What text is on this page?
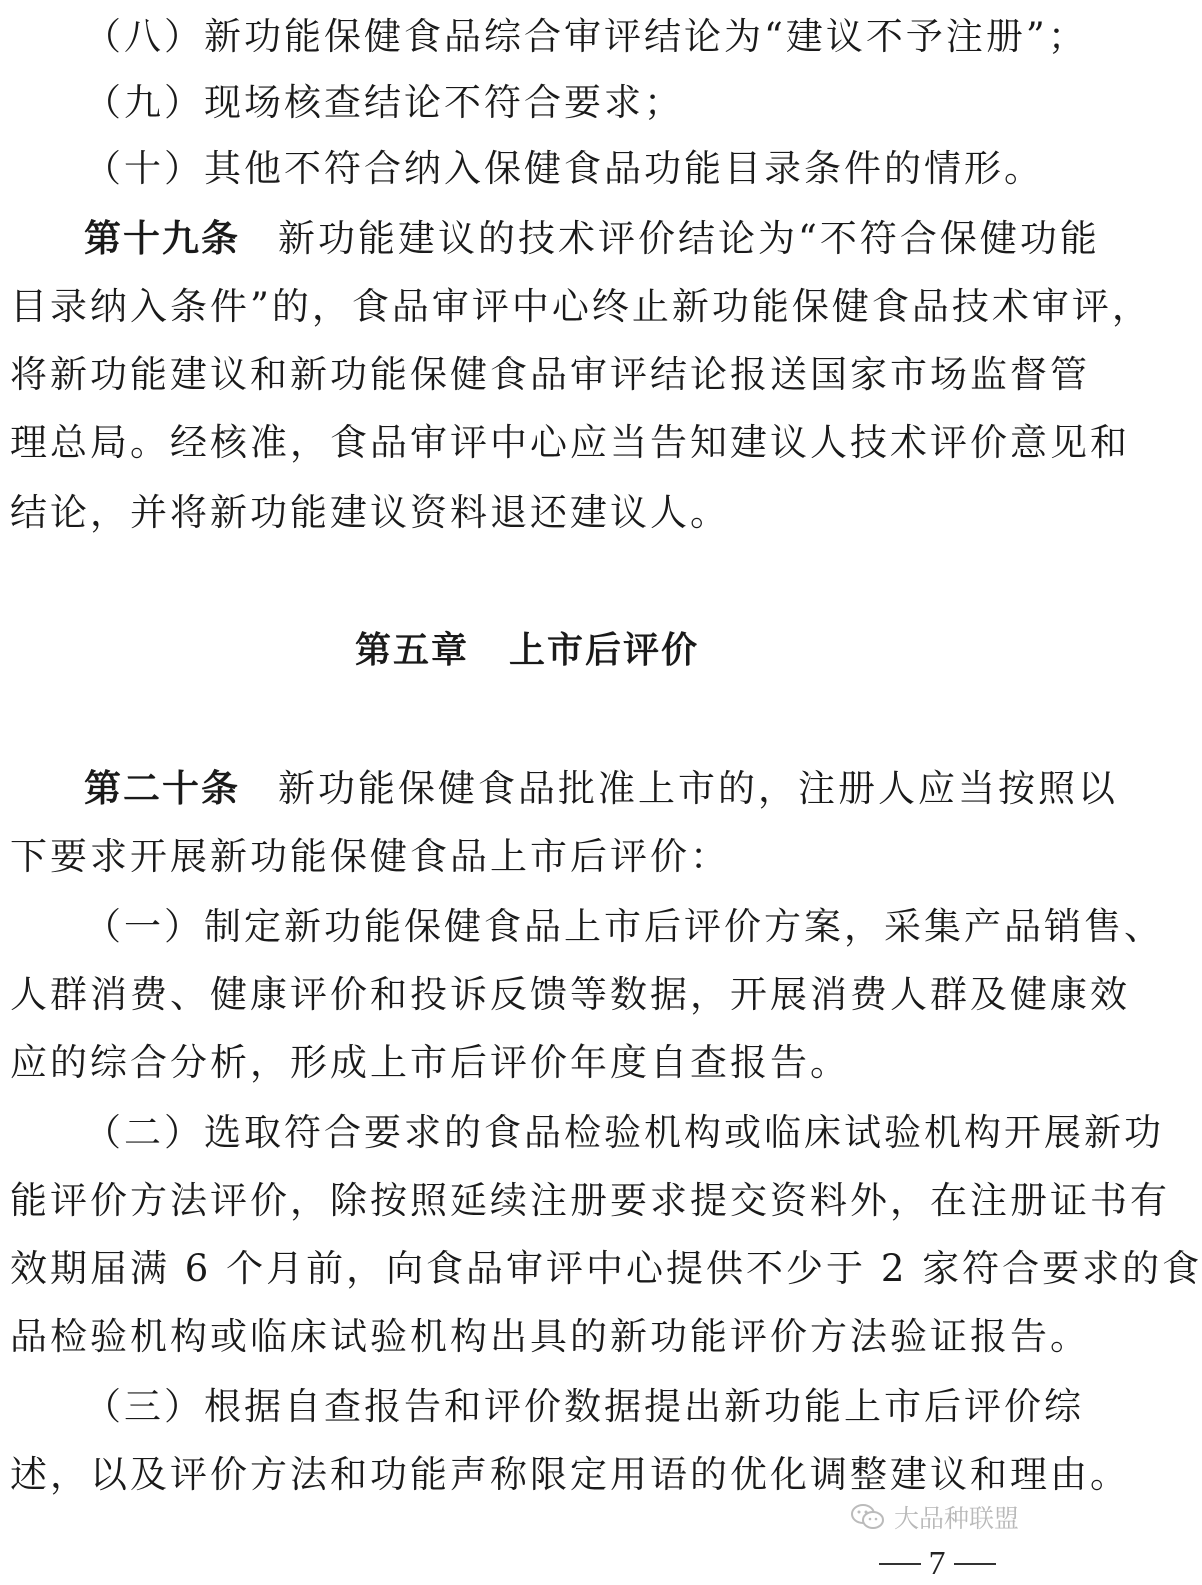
（八）新功能保健食品综合审评结论为“建议不予注册”；
（九）现场核查结论不符合要求；
（十）其他不符合纳入保健食品功能目录条件的情形。
第十九条 新功能建议的技术评价结论为“不符合保健功能
目录纳入条件”的，食品审评中心终止新功能保健食品技术审评，
将新功能建议和新功能保健食品审评结论报送国家市场监督管
理总局。经核准，食品审评中心应当告知建议人技术评价意见和
结论，并将新功能建议资料退还建议人。
第五章 上市后评价
第二十条 新功能保健食品批准上市的，注册人应当按照以
下要求开展新功能保健食品上市后评价：
（一）制定新功能保健食品上市后评价方案，采集产品销售、
人群消费、健康评价和投诉反馈等数据，开展消费人群及健康效
应的综合分析，形成上市后评价年度自查报告。
（二）选取符合要求的食品检验机构或临床试验机构开展新功
能评价方法评价，除按照延续注册要求提交资料外，在注册证书有
效期届满 6 个月前，向食品审评中心提供不少于 2 家符合要求的食
品检验机构或临床试验机构出具的新功能评价方法验证报告。
（三）根据自查报告和评价数据提出新功能上市后评价综
述，以及评价方法和功能声称限定用语的优化调整建议和理由。
大品种联盟
7
